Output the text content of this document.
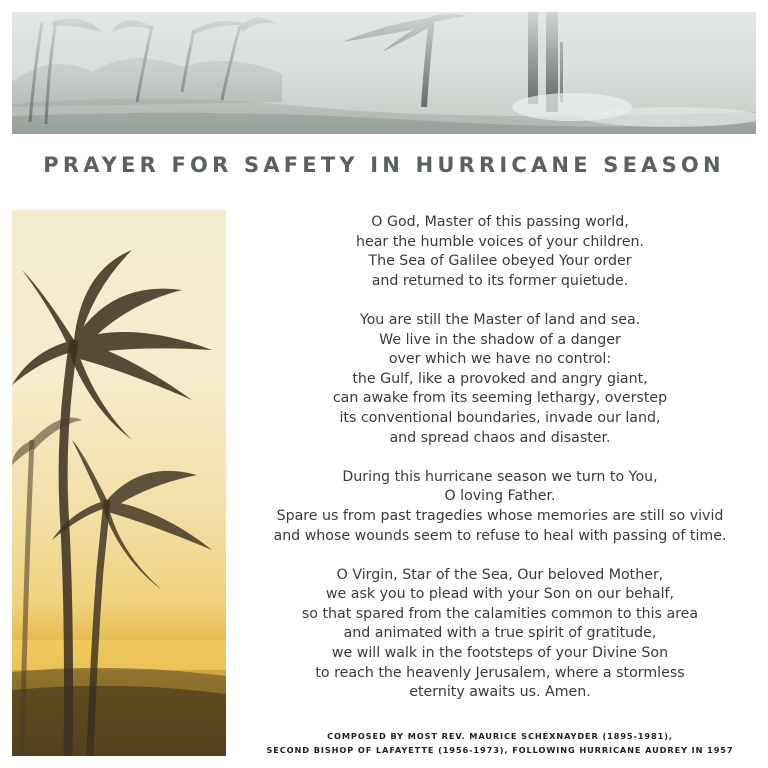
PRAYER FOR SAFETY IN HURRICANE SEASON
O God, Master of this passing world,
hear the humble voices of your children.
The Sea of Galilee obeyed Your order
and returned to its former quietude.
You are still the Master of land and sea.
We live in the shadow of a danger
over which we have no control:
the Gulf, like a provoked and angry giant,
can awake from its seeming lethargy, overstep
its conventional boundaries, invade our land,
and spread chaos and disaster.
During this hurricane season we turn to You,
O loving Father.
Spare us from past tragedies whose memories are still so vivid
and whose wounds seem to refuse to heal with passing of time.
O Virgin, Star of the Sea, Our beloved Mother,
we ask you to plead with your Son on our behalf,
so that spared from the calamities common to this area
and animated with a true spirit of gratitude,
we will walk in the footsteps of your Divine Son
to reach the heavenly Jerusalem, where a stormless
eternity awaits us. Amen.
COMPOSED BY MOST REV. MAURICE SCHEXNAYDER (1895-1981),
SECOND BISHOP OF LAFAYETTE (1956-1973), FOLLOWING HURRICANE AUDREY IN 1957
